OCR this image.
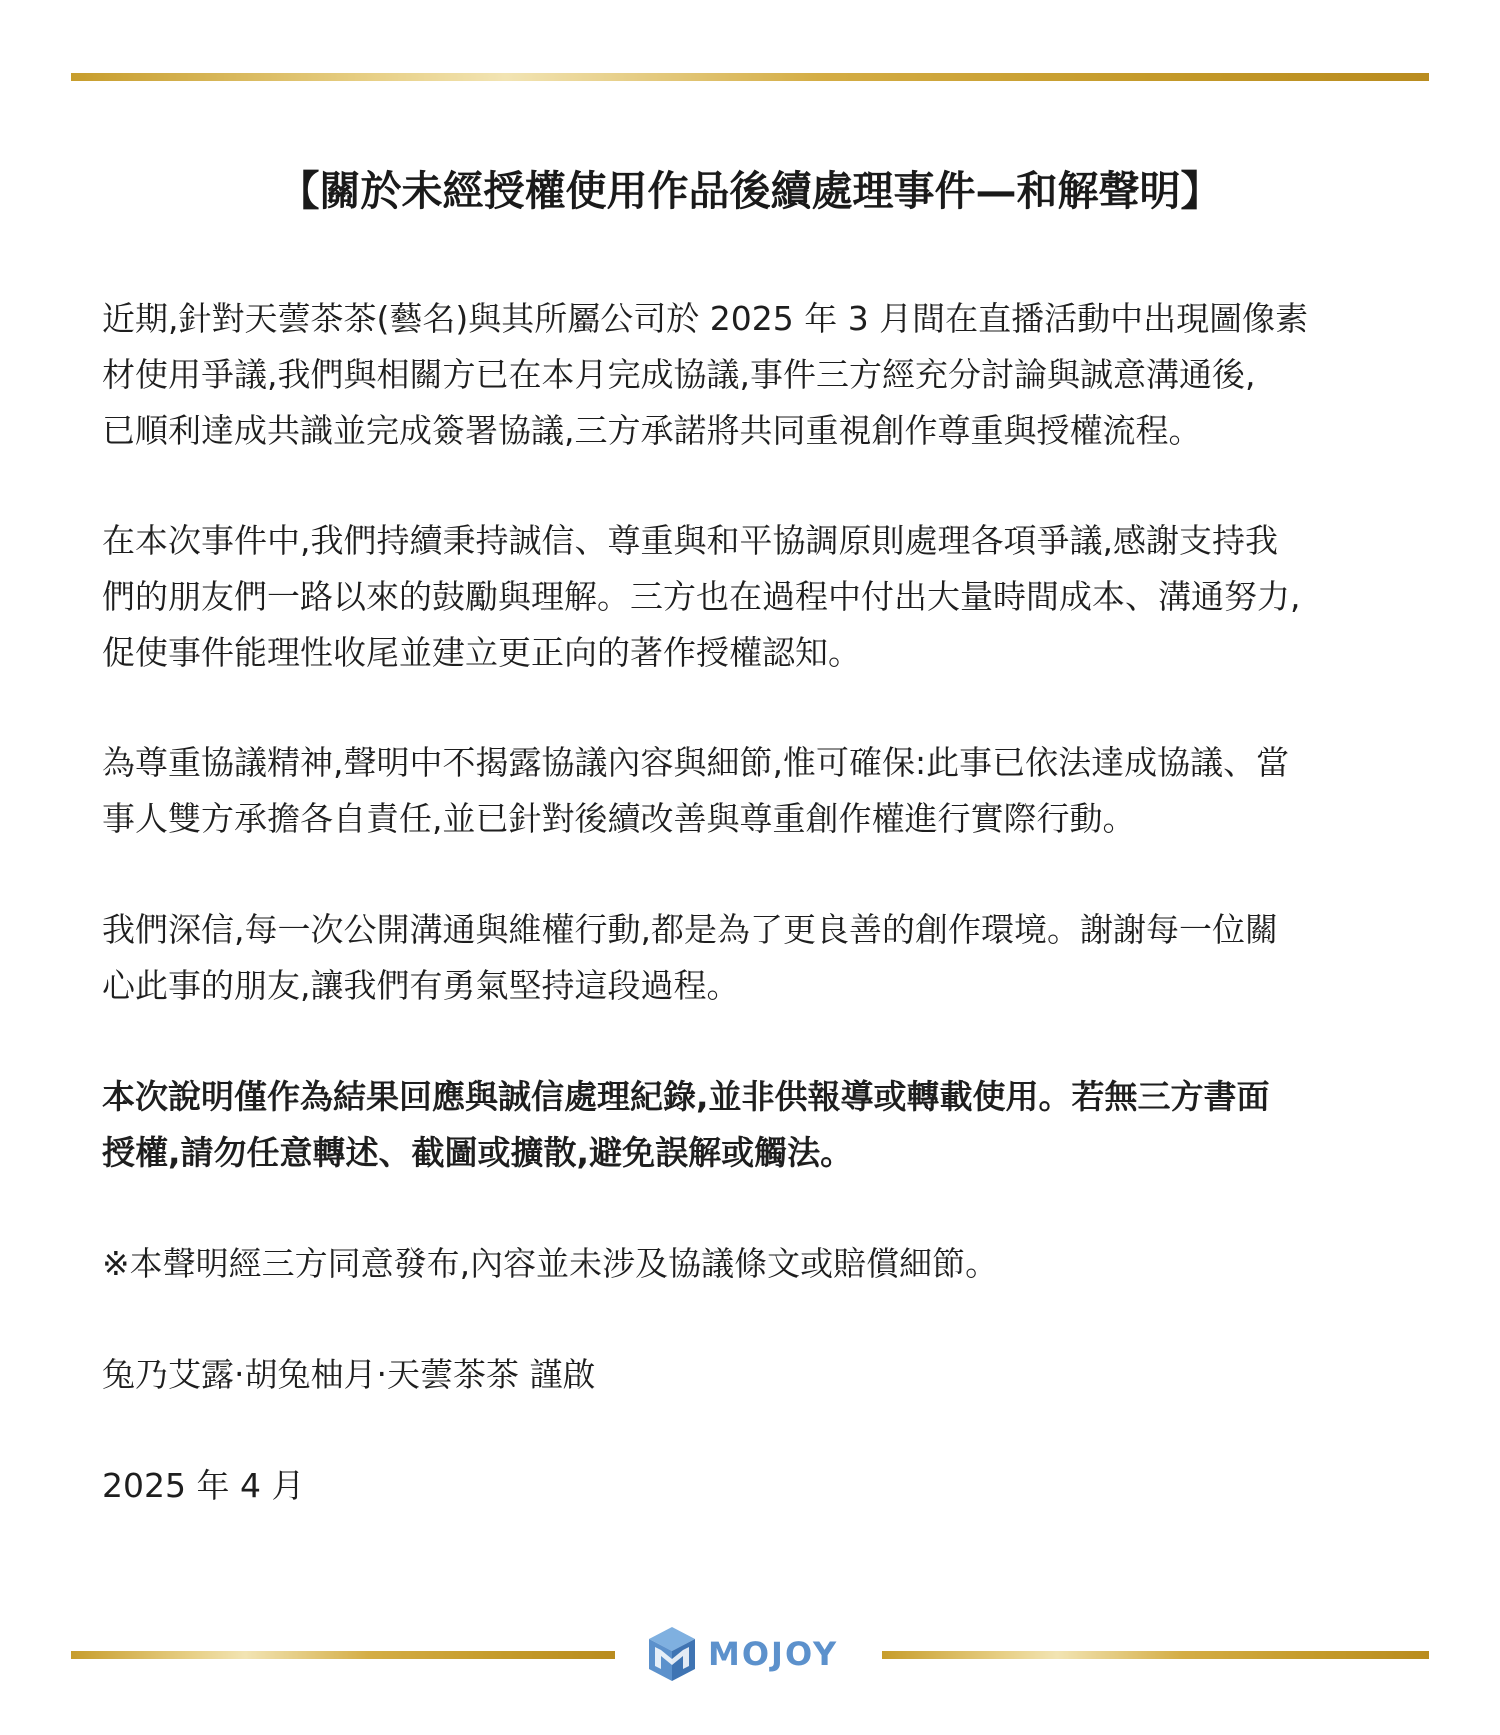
【關於未經授權使用作品後續處理事件—和解聲明】

近期,針對天蕓茶茶(藝名)與其所屬公司於 2025 年 3 月間在直播活動中出現圖像素
材使用爭議,我們與相關方已在本月完成協議,事件三方經充分討論與誠意溝通後,
已順利達成共識並完成簽署協議,三方承諾將共同重視創作尊重與授權流程。

在本次事件中,我們持續秉持誠信、尊重與和平協調原則處理各項爭議,感謝支持我
們的朋友們一路以來的鼓勵與理解。三方也在過程中付出大量時間成本、溝通努力,
促使事件能理性收尾並建立更正向的著作授權認知。

為尊重協議精神,聲明中不揭露協議內容與細節,惟可確保:此事已依法達成協議、當
事人雙方承擔各自責任,並已針對後續改善與尊重創作權進行實際行動。

我們深信,每一次公開溝通與維權行動,都是為了更良善的創作環境。謝謝每一位關
心此事的朋友,讓我們有勇氣堅持這段過程。

本次說明僅作為結果回應與誠信處理紀錄,並非供報導或轉載使用。若無三方書面
授權,請勿任意轉述、截圖或擴散,避免誤解或觸法。

※本聲明經三方同意發布,內容並未涉及協議條文或賠償細節。

兔乃艾露‧胡兔柚月‧天蕓茶茶 謹啟

2025 年 4 月

MOJOY
